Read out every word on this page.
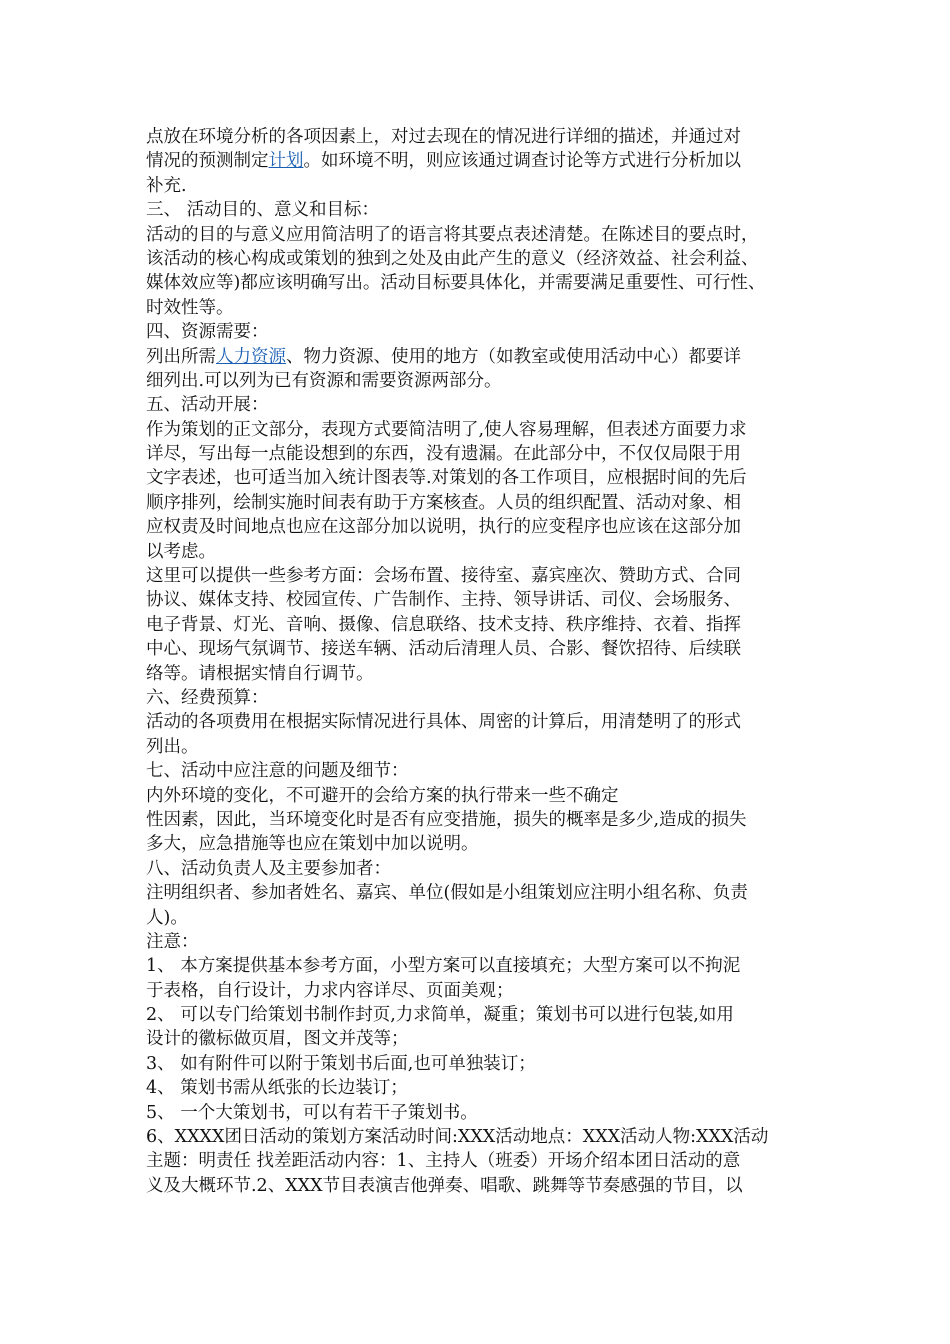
点放在环境分析的各项因素上，对过去现在的情况进行详细的描述，并通过对
情况的预测制定计划。如环境不明，则应该通过调查讨论等方式进行分析加以
补充.
三、 活动目的、意义和目标：
活动的目的与意义应用简洁明了的语言将其要点表述清楚。在陈述目的要点时，
该活动的核心构成或策划的独到之处及由此产生的意义（经济效益、社会利益、
媒体效应等)都应该明确写出。活动目标要具体化，并需要满足重要性、可行性、
时效性等。
四、资源需要：
列出所需人力资源、物力资源、使用的地方（如教室或使用活动中心）都要详
细列出.可以列为已有资源和需要资源两部分。
五、活动开展：
作为策划的正文部分，表现方式要简洁明了,使人容易理解，但表述方面要力求
详尽，写出每一点能设想到的东西，没有遗漏。在此部分中，不仅仅局限于用
文字表述，也可适当加入统计图表等.对策划的各工作项目，应根据时间的先后
顺序排列，绘制实施时间表有助于方案核查。人员的组织配置、活动对象、相
应权责及时间地点也应在这部分加以说明，执行的应变程序也应该在这部分加
以考虑。
这里可以提供一些参考方面：会场布置、接待室、嘉宾座次、赞助方式、合同
协议、媒体支持、校园宣传、广告制作、主持、领导讲话、司仪、会场服务、
电子背景、灯光、音响、摄像、信息联络、技术支持、秩序维持、衣着、指挥
中心、现场气氛调节、接送车辆、活动后清理人员、合影、餐饮招待、后续联
络等。请根据实情自行调节。
六、经费预算：
活动的各项费用在根据实际情况进行具体、周密的计算后，用清楚明了的形式
列出。
七、活动中应注意的问题及细节：
内外环境的变化，不可避开的会给方案的执行带来一些不确定
性因素，因此，当环境变化时是否有应变措施，损失的概率是多少,造成的损失
多大，应急措施等也应在策划中加以说明。
八、活动负责人及主要参加者：
注明组织者、参加者姓名、嘉宾、单位(假如是小组策划应注明小组名称、负责
人)。
注意：
1、 本方案提供基本参考方面，小型方案可以直接填充；大型方案可以不拘泥
于表格，自行设计，力求内容详尽、页面美观；
2、 可以专门给策划书制作封页,力求简单，凝重；策划书可以进行包装,如用
设计的徽标做页眉，图文并茂等；
3、 如有附件可以附于策划书后面,也可单独装订；
4、 策划书需从纸张的长边装订；
5、 一个大策划书，可以有若干子策划书。
6、XXXX团日活动的策划方案活动时间:XXX活动地点：XXX活动人物:XXX活动
主题：明责任 找差距活动内容：1、主持人（班委）开场介绍本团日活动的意
义及大概环节.2、XXX节目表演吉他弹奏、唱歌、跳舞等节奏感强的节目，以
